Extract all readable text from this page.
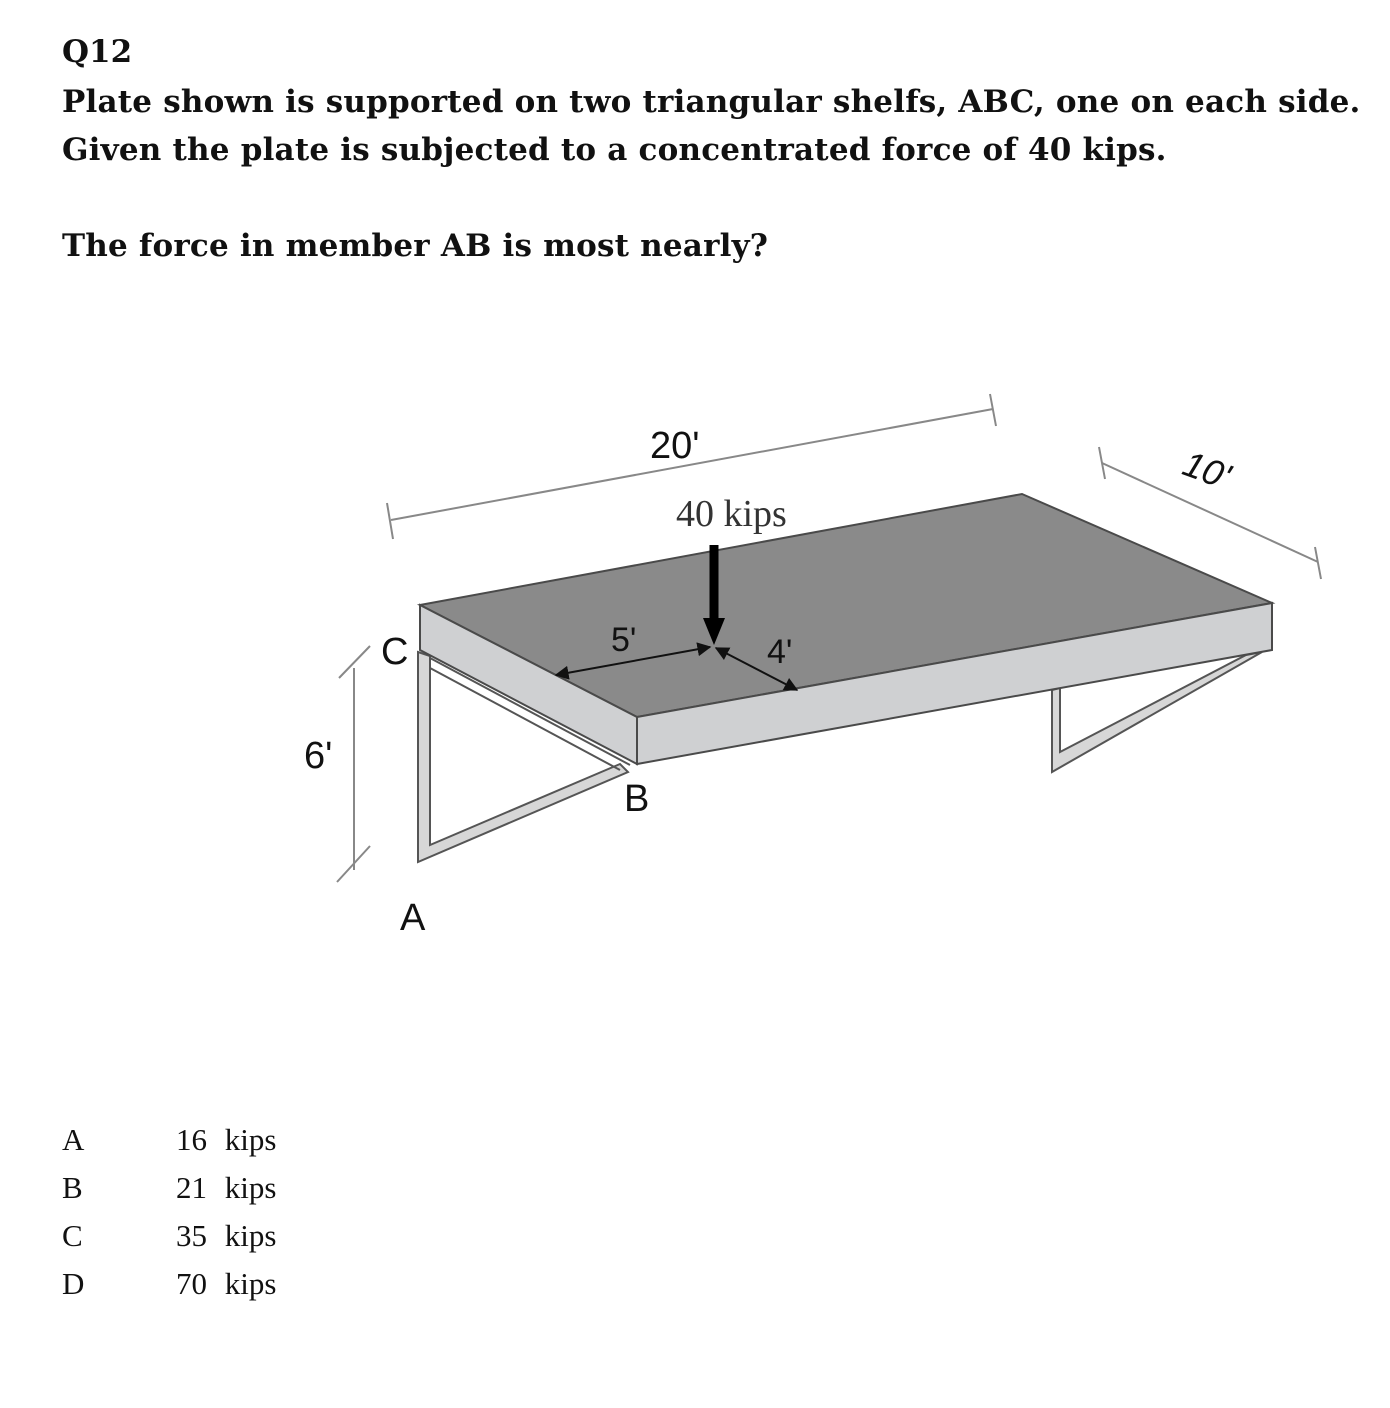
Q12
Plate shown is supported on two triangular shelfs, ABC, one on each side.
Given the plate is subjected to a concentrated force of 40 kips.
The force in member AB is most nearly?
20'	10'
5'	4'
40 kips
6'
C
B
A
A	16 kips
B	21 kips
C	35 kips
D	70 kips
